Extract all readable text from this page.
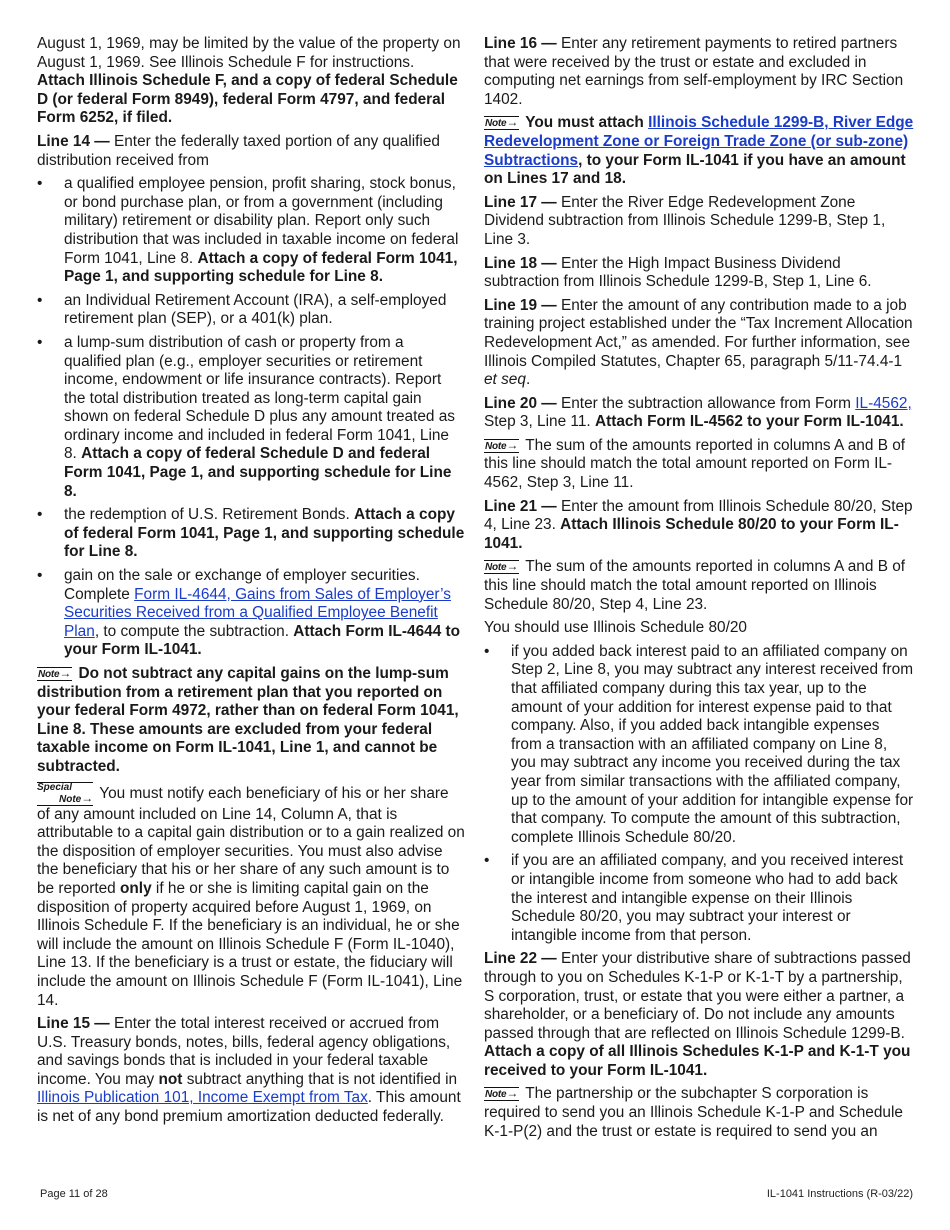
August 1, 1969, may be limited by the value of the property on August 1, 1969. See Illinois Schedule F for instructions. Attach Illinois Schedule F, and a copy of federal Schedule D (or federal Form 8949), federal Form 4797, and federal Form 6252, if filed.

Line 14 — Enter the federally taxed portion of any qualified distribution received from

• a qualified employee pension, profit sharing, stock bonus, or bond purchase plan, or from a government (including military) retirement or disability plan. Report only such distribution that was included in taxable income on federal Form 1041, Line 8. Attach a copy of federal Form 1041, Page 1, and supporting schedule for Line 8.
• an Individual Retirement Account (IRA), a self-employed retirement plan (SEP), or a 401(k) plan.
• a lump-sum distribution of cash or property from a qualified plan (e.g., employer securities or retirement income, endowment or life insurance contracts). Report the total distribution treated as long-term capital gain shown on federal Schedule D plus any amount treated as ordinary income and included in federal Form 1041, Line 8. Attach a copy of federal Schedule D and federal Form 1041, Page 1, and supporting schedule for Line 8.
• the redemption of U.S. Retirement Bonds. Attach a copy of federal Form 1041, Page 1, and supporting schedule for Line 8.
• gain on the sale or exchange of employer securities. Complete Form IL-4644, Gains from Sales of Employer’s Securities Received from a Qualified Employee Benefit Plan, to compute the subtraction. Attach Form IL-4644 to your Form IL-1041.

Note→ Do not subtract any capital gains on the lump-sum distribution from a retirement plan that you reported on your federal Form 4972, rather than on federal Form 1041, Line 8. These amounts are excluded from your federal taxable income on Form IL-1041, Line 1, and cannot be subtracted.

Special
Note→ You must notify each beneficiary of his or her share of any amount included on Line 14, Column A, that is attributable to a capital gain distribution or to a gain realized on the disposition of employer securities. You must also advise the beneficiary that his or her share of any such amount is to be reported only if he or she is limiting capital gain on the disposition of property acquired before August 1, 1969, on Illinois Schedule F. If the beneficiary is an individual, he or she will include the amount on Illinois Schedule F (Form IL-1040), Line 13. If the beneficiary is a trust or estate, the fiduciary will include the amount on Illinois Schedule F (Form IL-1041), Line 14.

Line 15 — Enter the total interest received or accrued from U.S. Treasury bonds, notes, bills, federal agency obligations, and savings bonds that is included in your federal taxable income. You may not subtract anything that is not identified in Illinois Publication 101, Income Exempt from Tax. This amount is net of any bond premium amortization deducted federally.

Line 16 — Enter any retirement payments to retired partners that were received by the trust or estate and excluded in computing net earnings from self-employment by IRC Section 1402.

Note→ You must attach Illinois Schedule 1299-B, River Edge Redevelopment Zone or Foreign Trade Zone (or sub-zone) Subtractions, to your Form IL-1041 if you have an amount on Lines 17 and 18.

Line 17 — Enter the River Edge Redevelopment Zone Dividend subtraction from Illinois Schedule 1299-B, Step 1, Line 3.

Line 18 — Enter the High Impact Business Dividend subtraction from Illinois Schedule 1299-B, Step 1, Line 6.

Line 19 — Enter the amount of any contribution made to a job training project established under the “Tax Increment Allocation Redevelopment Act,” as amended. For further information, see Illinois Compiled Statutes, Chapter 65, paragraph 5/11-74.4-1 et seq.

Line 20 — Enter the subtraction allowance from Form IL-4562, Step 3, Line 11. Attach Form IL-4562 to your Form IL-1041.

Note→ The sum of the amounts reported in columns A and B of this line should match the total amount reported on Form IL-4562, Step 3, Line 11.

Line 21 — Enter the amount from Illinois Schedule 80/20, Step 4, Line 23. Attach Illinois Schedule 80/20 to your Form IL-1041.

Note→ The sum of the amounts reported in columns A and B of this line should match the total amount reported on Illinois Schedule 80/20, Step 4, Line 23.

You should use Illinois Schedule 80/20

• if you added back interest paid to an affiliated company on Step 2, Line 8, you may subtract any interest received from that affiliated company during this tax year, up to the amount of your addition for interest expense paid to that company. Also, if you added back intangible expenses from a transaction with an affiliated company on Line 8, you may subtract any income you received during the tax year from similar transactions with the affiliated company, up to the amount of your addition for intangible expense for that company. To compute the amount of this subtraction, complete Illinois Schedule 80/20.
• if you are an affiliated company, and you received interest or intangible income from someone who had to add back the interest and intangible expense on their Illinois Schedule 80/20, you may subtract your interest or intangible income from that person.

Line 22 — Enter your distributive share of subtractions passed through to you on Schedules K-1-P or K-1-T by a partnership, S corporation, trust, or estate that you were either a partner, a shareholder, or a beneficiary of. Do not include any amounts passed through that are reflected on Illinois Schedule 1299-B. Attach a copy of all Illinois Schedules K-1-P and K-1-T you received to your Form IL-1041.

Note→ The partnership or the subchapter S corporation is required to send you an Illinois Schedule K-1-P and Schedule K-1-P(2) and the trust or estate is required to send you an

Page 11 of 28	IL-1041 Instructions (R-03/22)
